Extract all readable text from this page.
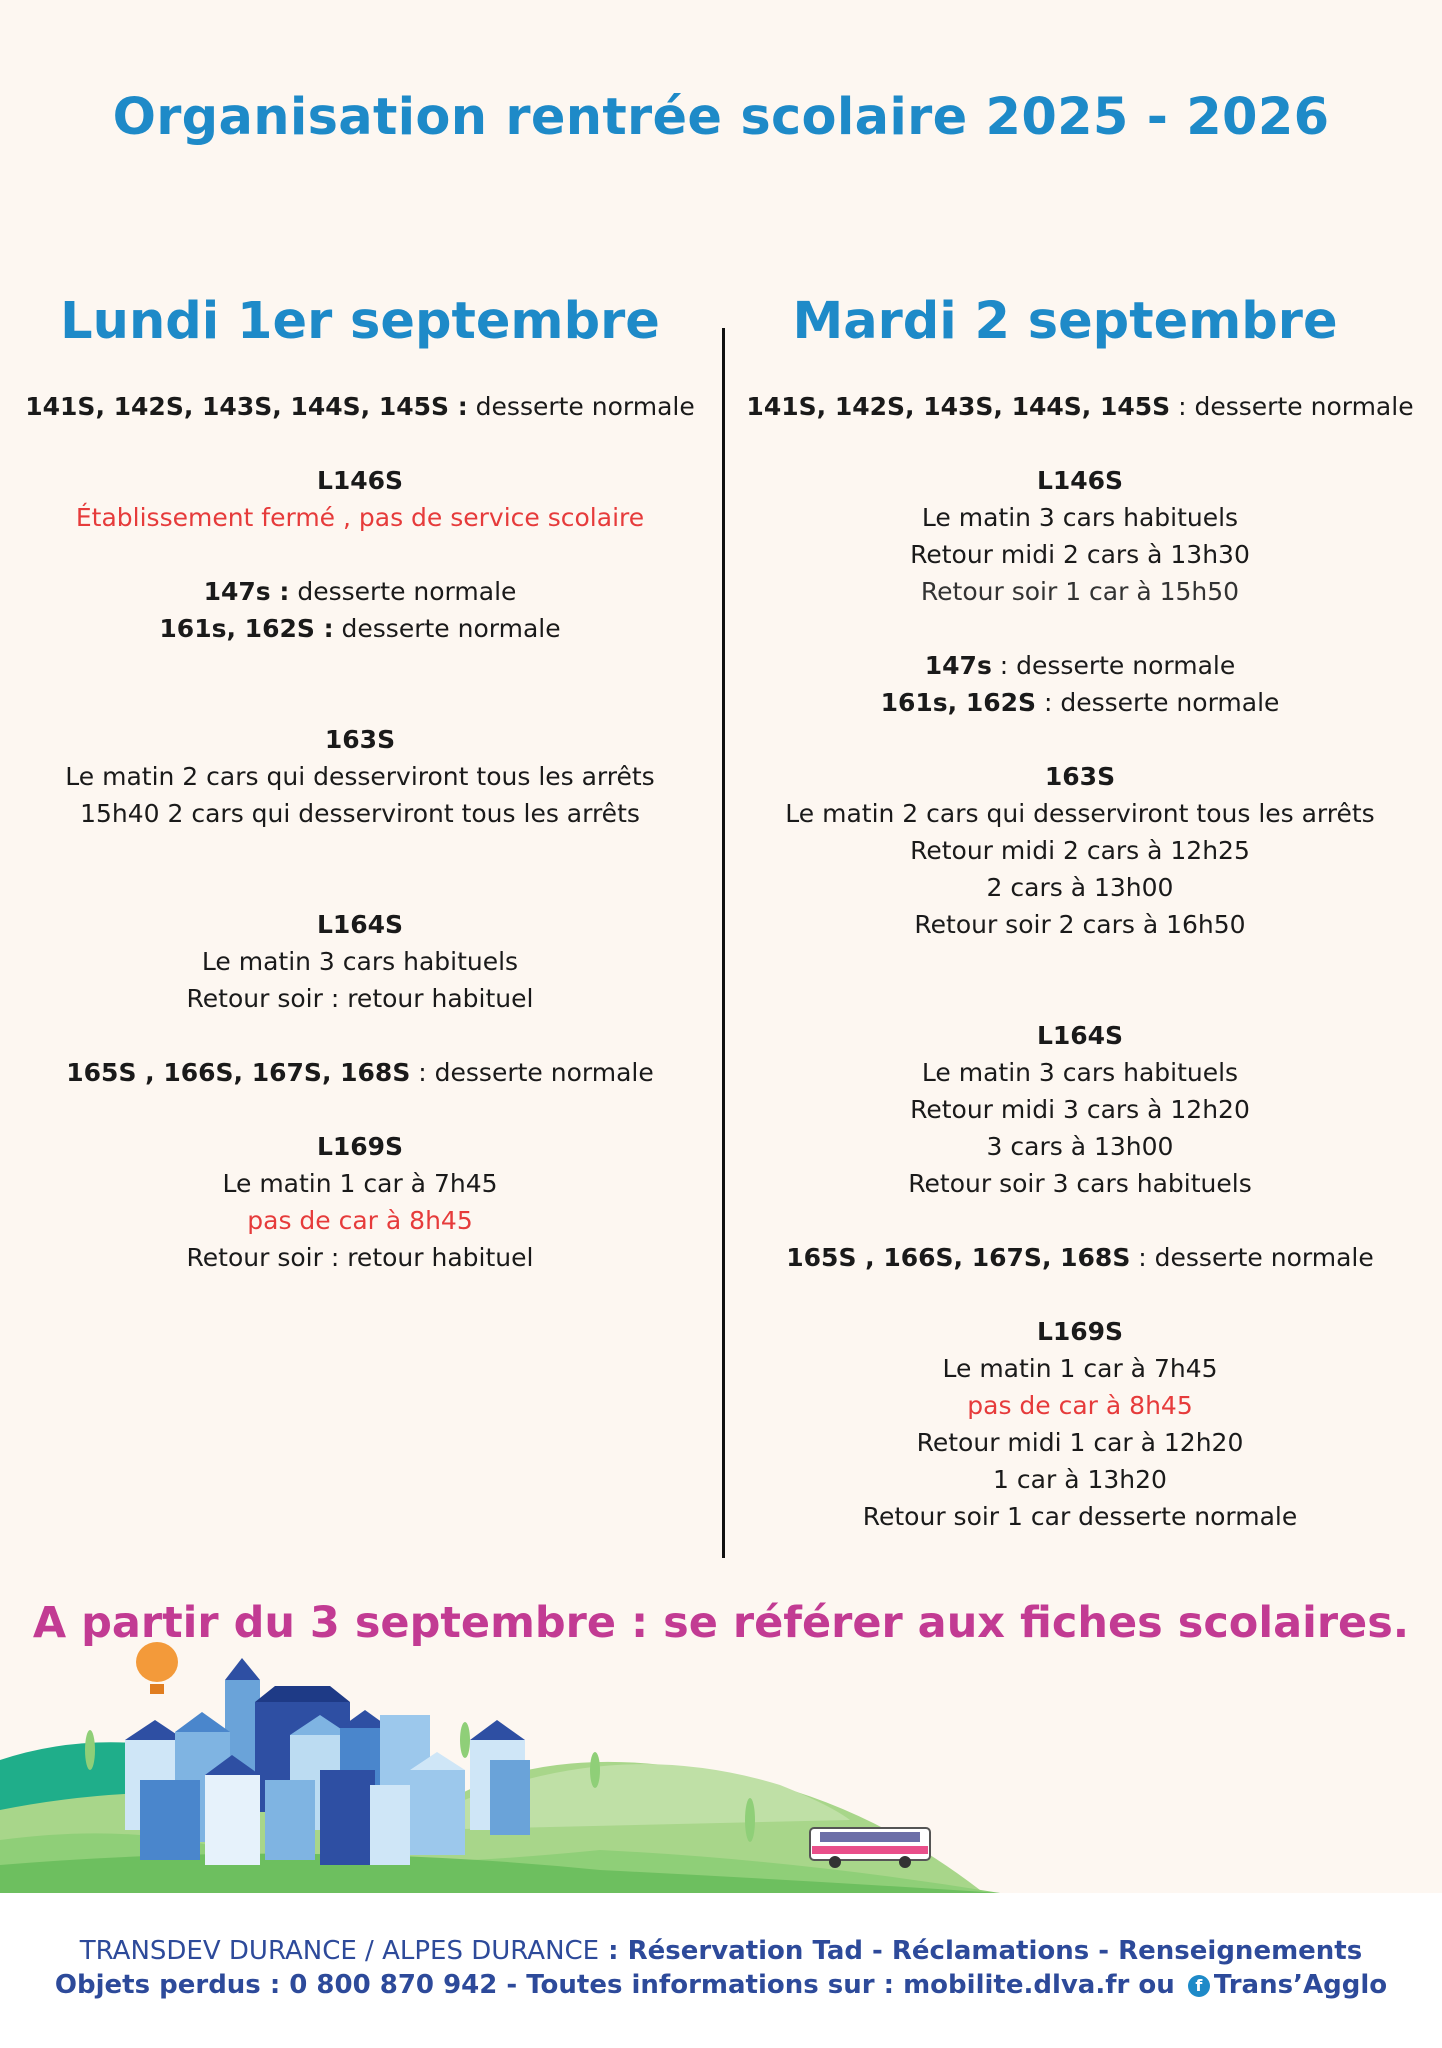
Organisation rentrée scolaire 2025 - 2026
Lundi 1er septembre
141S, 142S, 143S, 144S, 145S : desserte normale
L146S
Établissement fermé , pas de service scolaire
147s : desserte normale
161s, 162S : desserte normale
163S
Le matin 2 cars qui desserviront tous les arrêts
15h40 2 cars qui desserviront tous les arrêts
L164S
Le matin 3 cars habituels
Retour soir : retour habituel
165S , 166S, 167S, 168S : desserte normale
L169S
Le matin 1 car à 7h45
pas de car à 8h45
Retour soir : retour habituel
Mardi 2 septembre
141S, 142S, 143S, 144S, 145S : desserte normale
L146S
Le matin 3 cars habituels
Retour midi 2 cars à 13h30
Retour soir 1 car à 15h50
147s : desserte normale
161s, 162S : desserte normale
163S
Le matin 2 cars qui desserviront tous les arrêts
Retour midi 2 cars à 12h25
2 cars à 13h00
Retour soir 2 cars à 16h50
L164S
Le matin 3 cars habituels
Retour midi 3 cars à 12h20
3 cars à 13h00
Retour soir 3 cars habituels
165S , 166S, 167S, 168S : desserte normale
L169S
Le matin 1 car à 7h45
pas de car à 8h45
Retour midi 1 car à 12h20
1 car à 13h20
Retour soir 1 car desserte normale
A partir du 3 septembre : se référer aux fiches scolaires.
TRANSDEV DURANCE / ALPES DURANCE : Réservation Tad - Réclamations - Renseignements
Objets perdus : 0 800 870 942 - Toutes informations sur : mobilite.dlva.fr ou f Trans’Agglo
